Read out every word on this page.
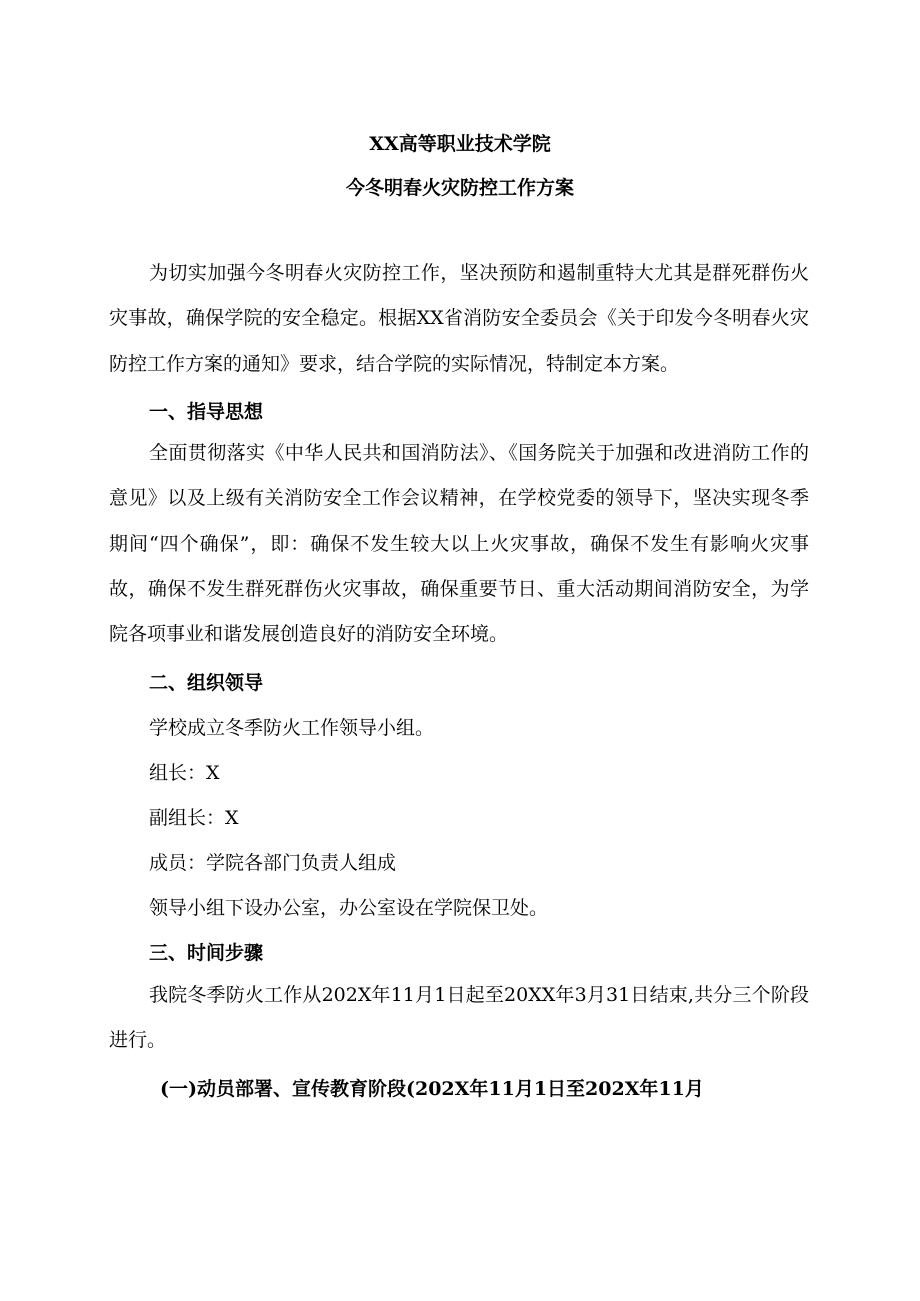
XX高等职业技术学院
今冬明春火灾防控工作方案
为切实加强今冬明春火灾防控工作，坚决预防和遏制重特大尤其是群死群伤火灾事故，确保学院的安全稳定。根据XX省消防安全委员会《关于印发今冬明春火灾防控工作方案的通知》要求，结合学院的实际情况，特制定本方案。
一、指导思想
全面贯彻落实《中华人民共和国消防法》、《国务院关于加强和改进消防工作的意见》以及上级有关消防安全工作会议精神，在学校党委的领导下，坚决实现冬季期间“四个确保”，即：确保不发生较大以上火灾事故，确保不发生有影响火灾事故，确保不发生群死群伤火灾事故，确保重要节日、重大活动期间消防安全，为学院各项事业和谐发展创造良好的消防安全环境。
二、组织领导
学校成立冬季防火工作领导小组。
组长：X
副组长：X
成员：学院各部门负责人组成
领导小组下设办公室，办公室设在学院保卫处。
三、时间步骤
我院冬季防火工作从202X年11月1日起至20XX年3月31日结束,共分三个阶段进行。
(一)动员部署、宣传教育阶段(202X年11月1日至202X年11月
